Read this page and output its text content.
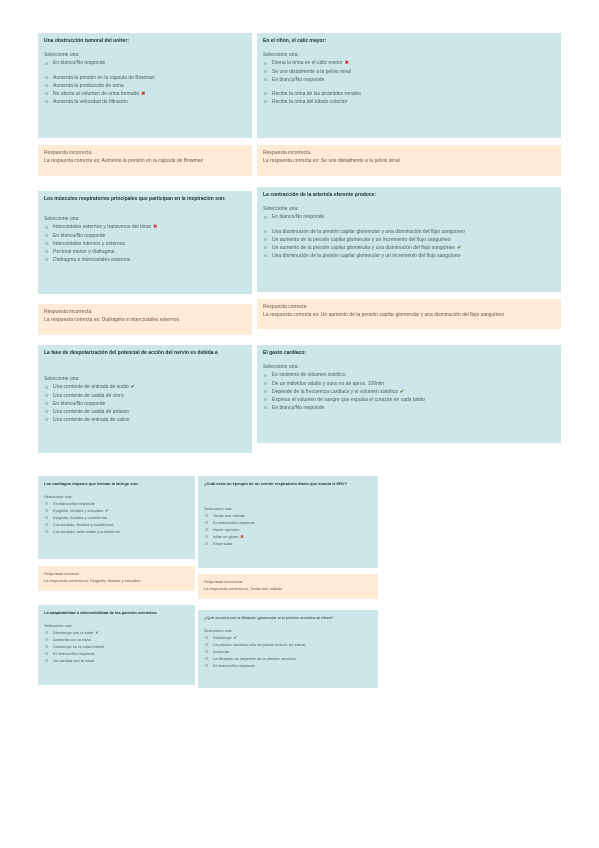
Una obstrucción tumoral del uréter:
Seleccione una:
En blanco/No responde
Aumenta la presión en la cápsula de Bowman
Aumenta la producción de orina
No afecta al volumen de orina formado ✖
Aumenta la velocidad de filtración
Respuesta incorrecta.
La respuesta correcta es: Aumenta la presión en la cápsula de Bowman
En el riñón, el cáliz mayor:
Seleccione una:
Drena la orina en el cáliz menor ✖
Se une distalmente a la pelvis renal
En blanco/No responde
Recibe la orina de las pirámides renales
Recibe la orina del túbulo colector
Respuesta incorrecta.
La respuesta correcta es: Se une distalmente a la pelvis renal
Los músculos respiratorios principales que participan en la inspiración son:
Seleccione una:
Intercostales externos y transverso del tórax ✖
En blanco/No responde
Intercostales internos y externos
Pectoral menor y diafragma
Diafragma e intercostales externos
Respuesta incorrecta.
La respuesta correcta es: Diafragma e intercostales externos
La contracción de la arteriola eferente produce:
Seleccione una:
En blanco/No responde
Una disminución de la presión capilar glomerular y una disminución del flujo sanguíneo
Un aumento de la presión capilar glomerular y un incremento del flujo sanguíneo
Un aumento de la presión capilar glomerular y una disminución del flujo sanguíneo ✔
Una disminución de la presión capilar glomerular y un incremento del flujo sanguíneo
Respuesta correcta
La respuesta correcta es: Un aumento de la presión capilar glomerular y una disminución del flujo sanguíneo
La fase de despolarización del potencial de acción del nervio es debida a
Seleccione una:
Una corriente de entrada de sodio ✔
Una corriente de salida de cloro
En blanco/No responde
Una corriente de salida de potasio
Una corriente de entrada de calcio
El gasto cardíaco:
Seleccione una:
Es sinónimo de volumen sistólico
De un individuo adulto y sano es de aprox. 10l/min
Depende de la frecuencia cardiaca y el volumen sistólico ✔
Expresa el volumen de sangre que expulsa el corazón en cada latido
En blanco/No responde
Los cartílagos impares que forman la laringe son:
Seleccione una:
En blanco/No responde
Epiglotis, tiroides y cricoides ✔
Epiglotis, tiroides y cuneiforme
Corniculado, tiroides y cuneiforme
Corniculado, aritenoides y cuneiforme
Respuesta correcta
La respuesta correcta es: Epiglotis, tiroides y cricoides
¿Cuál sería un ejemplo de un evento respiratorio diario que simula el ERV?
Seleccione una:
Todas son válidas
En blanco/No responde
Hacer ejercicio
Inflar un globo ✖
Estornudar
Respuesta incorrecta.
La respuesta correcta es: Todas son válidas
La adaptabilidad o distensibilidad de las paredes arteriales:
Seleccione una:
Disminuye con la edad ✔
Aumenta con la edad
Disminuye en la edad infantil
En blanco/No responde
No cambia con la edad
¿Qué ocurrirá con la filtración glomerular si la presión oncótica se eleva?
Seleccione una:
Disminuye ✔
La presión oncótica sólo se puede reducir, no elevar
Aumenta
La filtración no depende de la presión oncótica
En blanco/No responde
